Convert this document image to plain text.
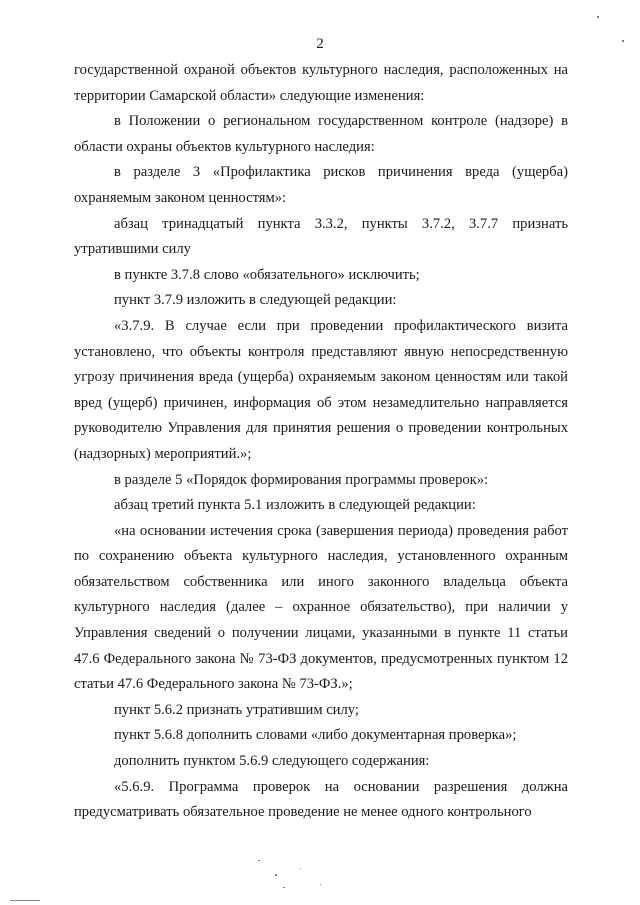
2

государственной охраной объектов культурного наследия, расположенных на территории Самарской области» следующие изменения:

в Положении о региональном государственном контроле (надзоре) в области охраны объектов культурного наследия:

в разделе 3 «Профилактика рисков причинения вреда (ущерба) охраняемым законом ценностям»:

абзац тринадцатый пункта 3.3.2, пункты 3.7.2, 3.7.7 признать утратившими силу

в пункте 3.7.8 слово «обязательного» исключить;

пункт 3.7.9 изложить в следующей редакции:

«3.7.9. В случае если при проведении профилактического визита установлено, что объекты контроля представляют явную непосредственную угрозу причинения вреда (ущерба) охраняемым законом ценностям или такой вред (ущерб) причинен, информация об этом незамедлительно направляется руководителю Управления для принятия решения о проведении контрольных (надзорных) мероприятий.»;

в разделе 5 «Порядок формирования программы проверок»:

абзац третий пункта 5.1 изложить в следующей редакции:

«на основании истечения срока (завершения периода) проведения работ по сохранению объекта культурного наследия, установленного охранным обязательством собственника или иного законного владельца объекта культурного наследия (далее – охранное обязательство), при наличии у Управления сведений о получении лицами, указанными в пункте 11 статьи 47.6 Федерального закона № 73-ФЗ документов, предусмотренных пунктом 12 статьи 47.6 Федерального закона № 73-ФЗ.»;

пункт 5.6.2 признать утратившим силу;

пункт 5.6.8 дополнить словами «либо документарная проверка»;

дополнить пунктом 5.6.9 следующего содержания:

«5.6.9. Программа проверок на основании разрешения должна предусматривать обязательное проведение не менее одного контрольного
